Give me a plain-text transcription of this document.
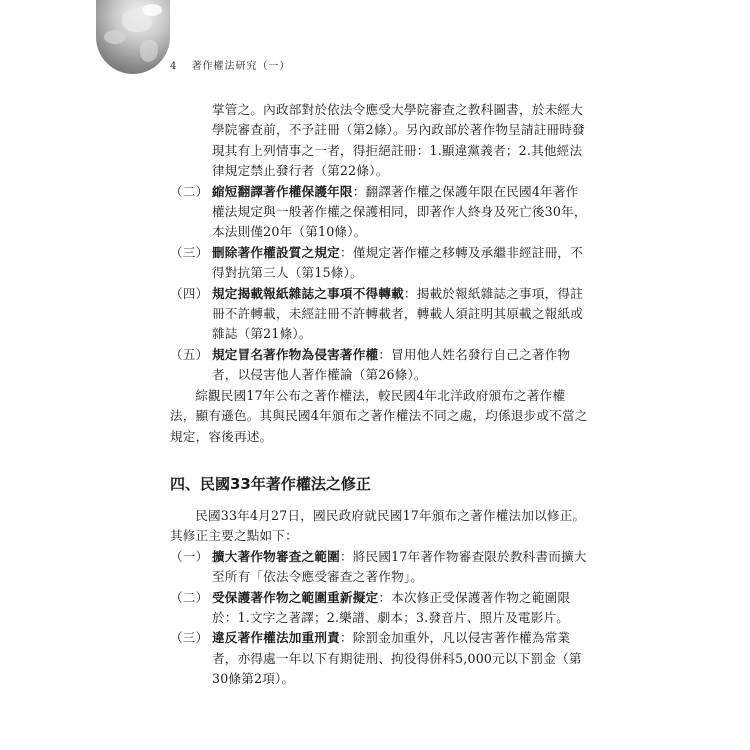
4 著作權法研究（一）

掌管之。內政部對於依法令應受大學院審查之教科圖書，於未經大學院審查前，不予註冊（第2條）。另內政部於著作物呈請註冊時發現其有上列情事之一者，得拒絕註冊：1.顯違黨義者；2.其他經法律規定禁止發行者（第22條）。

（二） 縮短翻譯著作權保護年限：翻譯著作權之保護年限在民國4年著作權法規定與一般著作權之保護相同，即著作人終身及死亡後30年，本法則僅20年（第10條）。

（三） 刪除著作權設質之規定：僅規定著作權之移轉及承繼非經註冊，不得對抗第三人（第15條）。

（四） 規定揭載報紙雜誌之事項不得轉載：揭載於報紙雜誌之事項，得註冊不許轉載，未經註冊不許轉載者，轉載人須註明其原載之報紙或雜誌（第21條）。

（五） 規定冒名著作物為侵害著作權：冒用他人姓名發行自己之著作物者，以侵害他人著作權論（第26條）。

綜觀民國17年公布之著作權法，較民國4年北洋政府頒布之著作權法，顯有遜色。其與民國4年頒布之著作權法不同之處，均係退步或不當之規定，容後再述。

四、民國33年著作權法之修正

民國33年4月27日，國民政府就民國17年頒布之著作權法加以修正。其修正主要之點如下：

（一） 擴大著作物審查之範圍：將民國17年著作物審查限於教科書而擴大至所有「依法令應受審查之著作物」。

（二） 受保護著作物之範圍重新擬定：本次修正受保護著作物之範圍限於：1.文字之著譯；2.樂譜、劇本；3.發音片、照片及電影片。

（三） 違反著作權法加重刑責：除罰金加重外，凡以侵害著作權為常業者，亦得處一年以下有期徒刑、拘役得併科5,000元以下罰金（第30條第2項）。
